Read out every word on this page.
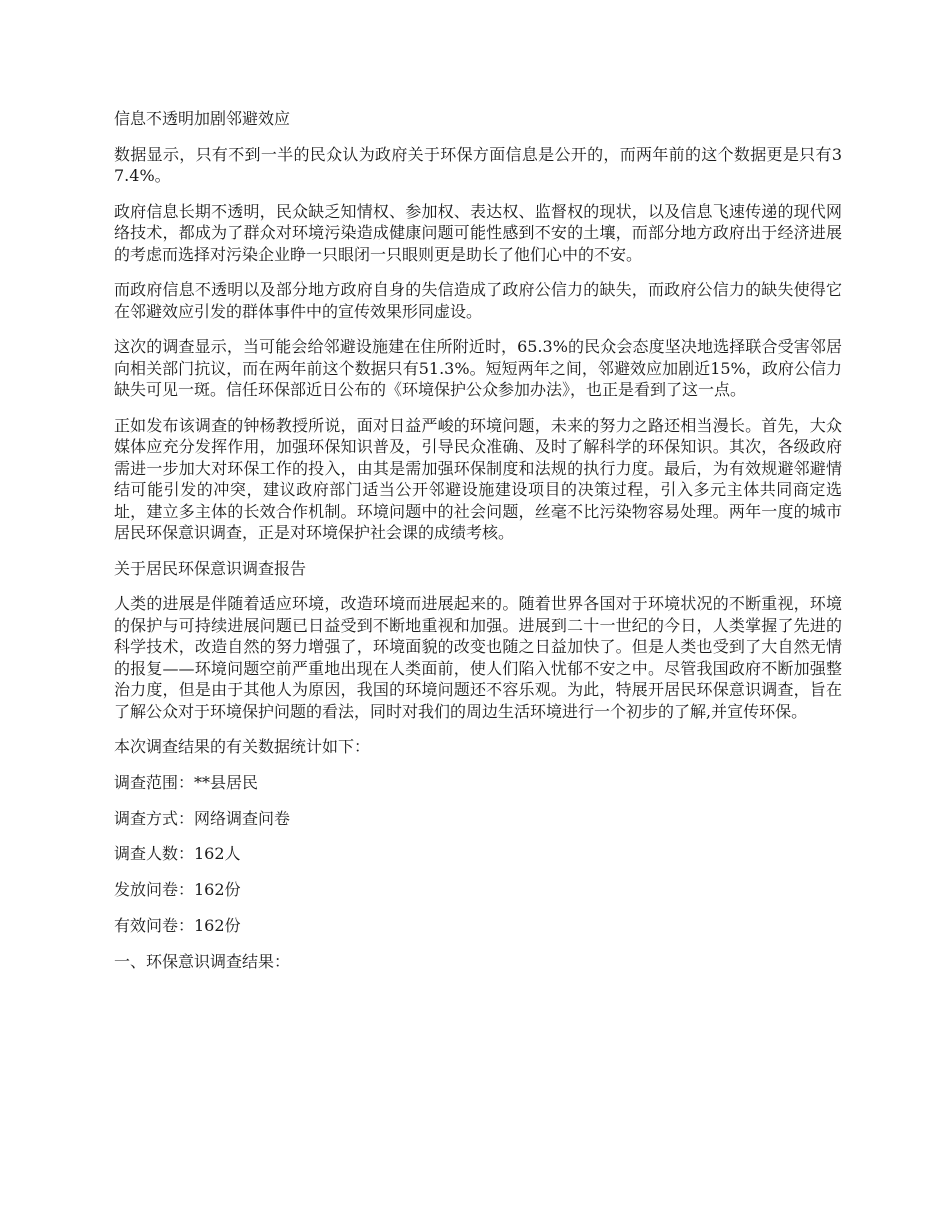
信息不透明加剧邻避效应

数据显示，只有不到一半的民众认为政府关于环保方面信息是公开的，而两年前的这个数据更是只有37.4%。

政府信息长期不透明，民众缺乏知情权、参加权、表达权、监督权的现状，以及信息飞速传递的现代网络技术，都成为了群众对环境污染造成健康问题可能性感到不安的土壤，而部分地方政府出于经济进展的考虑而选择对污染企业睁一只眼闭一只眼则更是助长了他们心中的不安。

而政府信息不透明以及部分地方政府自身的失信造成了政府公信力的缺失，而政府公信力的缺失使得它在邻避效应引发的群体事件中的宣传效果形同虚设。

这次的调查显示，当可能会给邻避设施建在住所附近时，65.3%的民众会态度坚决地选择联合受害邻居向相关部门抗议，而在两年前这个数据只有51.3%。短短两年之间，邻避效应加剧近15%，政府公信力缺失可见一斑。信任环保部近日公布的《环境保护公众参加办法》，也正是看到了这一点。

正如发布该调查的钟杨教授所说，面对日益严峻的环境问题，未来的努力之路还相当漫长。首先，大众媒体应充分发挥作用，加强环保知识普及，引导民众准确、及时了解科学的环保知识。其次，各级政府需进一步加大对环保工作的投入，由其是需加强环保制度和法规的执行力度。最后，为有效规避邻避情结可能引发的冲突，建议政府部门适当公开邻避设施建设项目的决策过程，引入多元主体共同商定选址，建立多主体的长效合作机制。环境问题中的社会问题，丝毫不比污染物容易处理。两年一度的城市居民环保意识调查，正是对环境保护社会课的成绩考核。

关于居民环保意识调查报告

人类的进展是伴随着适应环境，改造环境而进展起来的。随着世界各国对于环境状况的不断重视，环境的保护与可持续进展问题已日益受到不断地重视和加强。进展到二十一世纪的今日，人类掌握了先进的科学技术，改造自然的努力增强了，环境面貌的改变也随之日益加快了。但是人类也受到了大自然无情的报复——环境问题空前严重地出现在人类面前，使人们陷入忧郁不安之中。尽管我国政府不断加强整治力度，但是由于其他人为原因，我国的环境问题还不容乐观。为此，特展开居民环保意识调查，旨在了解公众对于环境保护问题的看法，同时对我们的周边生活环境进行一个初步的了解,并宣传环保。

本次调查结果的有关数据统计如下：

调查范围：**县居民

调查方式：网络调查问卷

调查人数：162人

发放问卷：162份

有效问卷：162份

一、环保意识调查结果：
